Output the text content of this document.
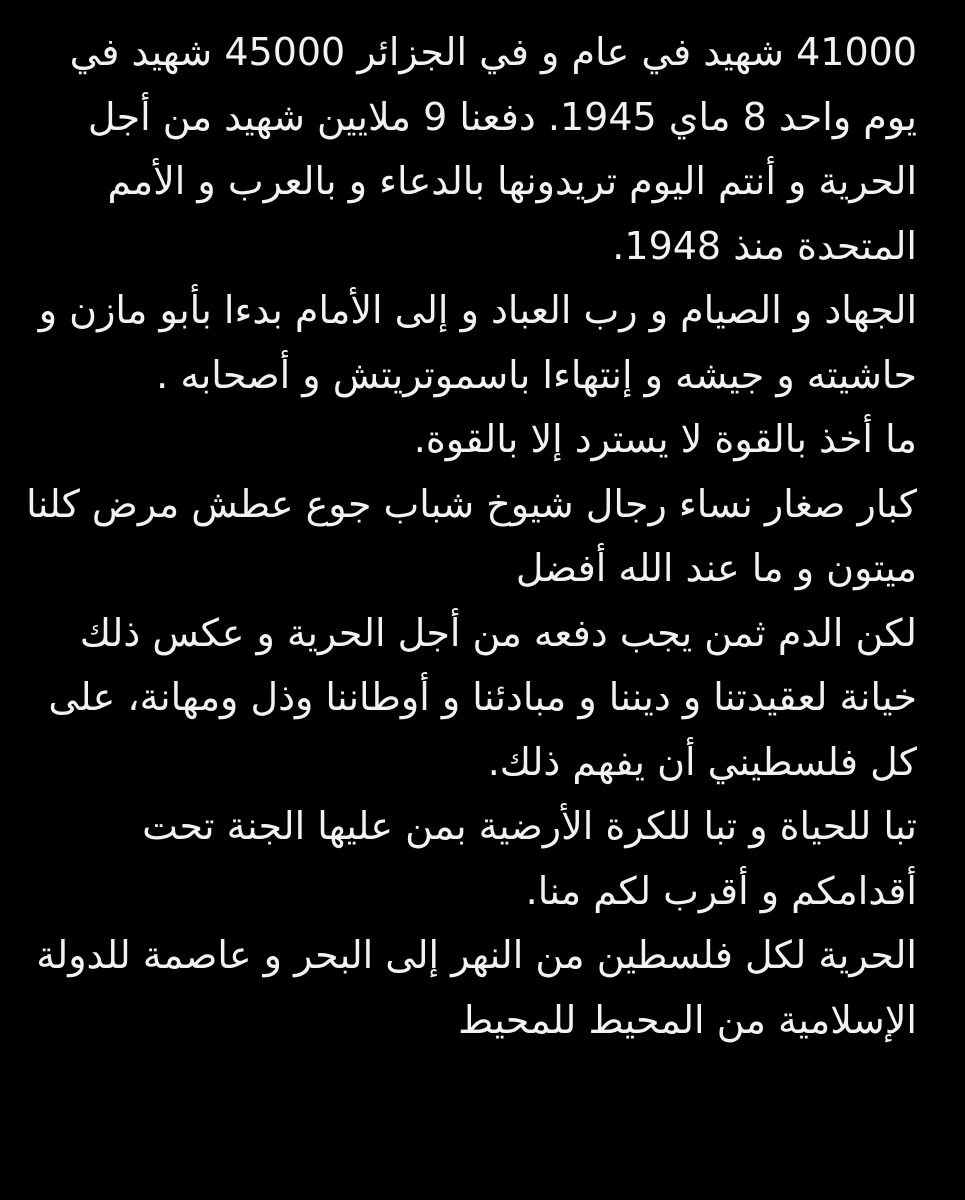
41000 شهيد في عام و في الجزائر 45000 شهيد في يوم واحد 8 ماي 1945. دفعنا 9 ملايين شهيد من أجل الحرية و أنتم اليوم تريدونها بالدعاء و بالعرب و الأمم المتحدة منذ 1948.

الجهاد و الصيام و رب العباد و إلى الأمام بدءا بأبو مازن و حاشيته و جيشه و إنتهاءا باسموتريتش و أصحابه .

ما أخذ بالقوة لا يسترد إلا بالقوة.

كبار صغار نساء رجال شيوخ شباب جوع عطش مرض كلنا ميتون و ما عند الله أفضل

لكن الدم ثمن يجب دفعه من أجل الحرية و عكس ذلك خيانة لعقيدتنا و ديننا و مبادئنا و أوطاننا وذل ومهانة، على كل فلسطيني أن يفهم ذلك.

تبا للحياة و تبا للكرة الأرضية بمن عليها الجنة تحت أقدامكم و أقرب لكم منا.

الحرية لكل فلسطين من النهر إلى البحر و عاصمة للدولة الإسلامية من المحيط للمحيط
